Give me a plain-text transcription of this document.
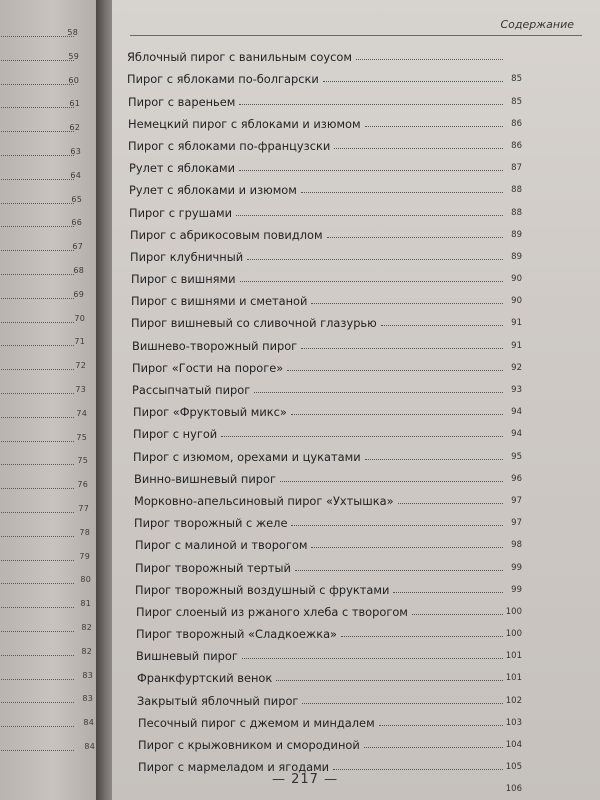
58
59
60
61
62
63
64
65
66
67
68
69
70
71
72
73
74
75
75
76
77
78
79
80
81
82
82
83
83
84
84
Содержание
Яблочный пирог с ванильным соусом
Пирог с яблоками по-болгарски	85
Пирог с вареньем	85
Немецкий пирог с яблоками и изюмом	86
Пирог с яблоками по-французски	86
Рулет с яблоками	87
Рулет с яблоками и изюмом	88
Пирог с грушами	88
Пирог с абрикосовым повидлом	89
Пирог клубничный	89
Пирог с вишнями	90
Пирог с вишнями и сметаной	90
Пирог вишневый со сливочной глазурью	91
Вишнево-творожный пирог	91
Пирог «Гости на пороге»	92
Рассыпчатый пирог	93
Пирог «Фруктовый микс»	94
Пирог с нугой	94
Пирог с изюмом, орехами и цукатами	95
Винно-вишневый пирог	96
Морковно-апельсиновый пирог «Ухтышка»	97
Пирог творожный с желе	97
Пирог с малиной и творогом	98
Пирог творожный тертый	99
Пирог творожный воздушный с фруктами	99
Пирог слоеный из ржаного хлеба с творогом	100
Пирог творожный «Сладкоежка»	100
Вишневый пирог	101
Франкфуртский венок	101
Закрытый яблочный пирог	102
Песочный пирог с джемом и миндалем	103
Пирог с крыжовником и смородиной	104
Пирог с мармеладом и ягодами	105
106
— 217 —
